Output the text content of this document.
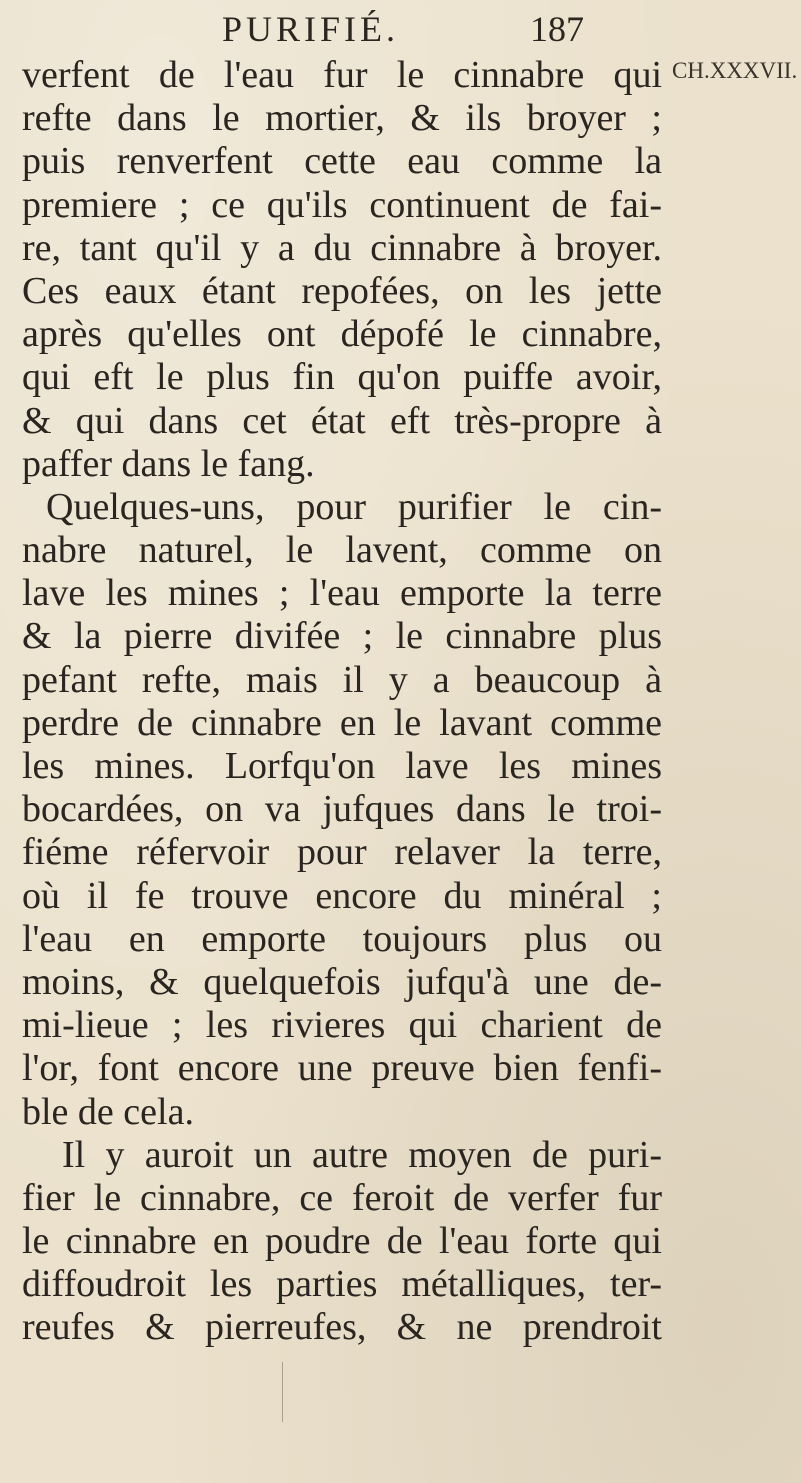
PURIFIÉ.	187
CH.XXXVII.
verfent de l'eau fur le cinnabre qui
refte dans le mortier, & ils broyer ;
puis renverfent cette eau comme la
premiere ; ce qu'ils continuent de fai-
re, tant qu'il y a du cinnabre à broyer.
Ces eaux étant repofées, on les jette
après qu'elles ont dépofé le cinnabre,
qui eft le plus fin qu'on puiffe avoir,
& qui dans cet état eft très-propre à
paffer dans le fang.
Quelques-uns, pour purifier le cin-
nabre naturel, le lavent, comme on
lave les mines ; l'eau emporte la terre
& la pierre divifée ; le cinnabre plus
pefant refte, mais il y a beaucoup à
perdre de cinnabre en le lavant comme
les mines. Lorfqu'on lave les mines
bocardées, on va jufques dans le troi-
fiéme réfervoir pour relaver la terre,
où il fe trouve encore du minéral ;
l'eau en emporte toujours plus ou
moins, & quelquefois jufqu'à une de-
mi-lieue ; les rivieres qui charient de
l'or, font encore une preuve bien fenfi-
ble de cela.
Il y auroit un autre moyen de puri-
fier le cinnabre, ce feroit de verfer fur
le cinnabre en poudre de l'eau forte qui
diffoudroit les parties métalliques, ter-
reufes & pierreufes, & ne prendroit
